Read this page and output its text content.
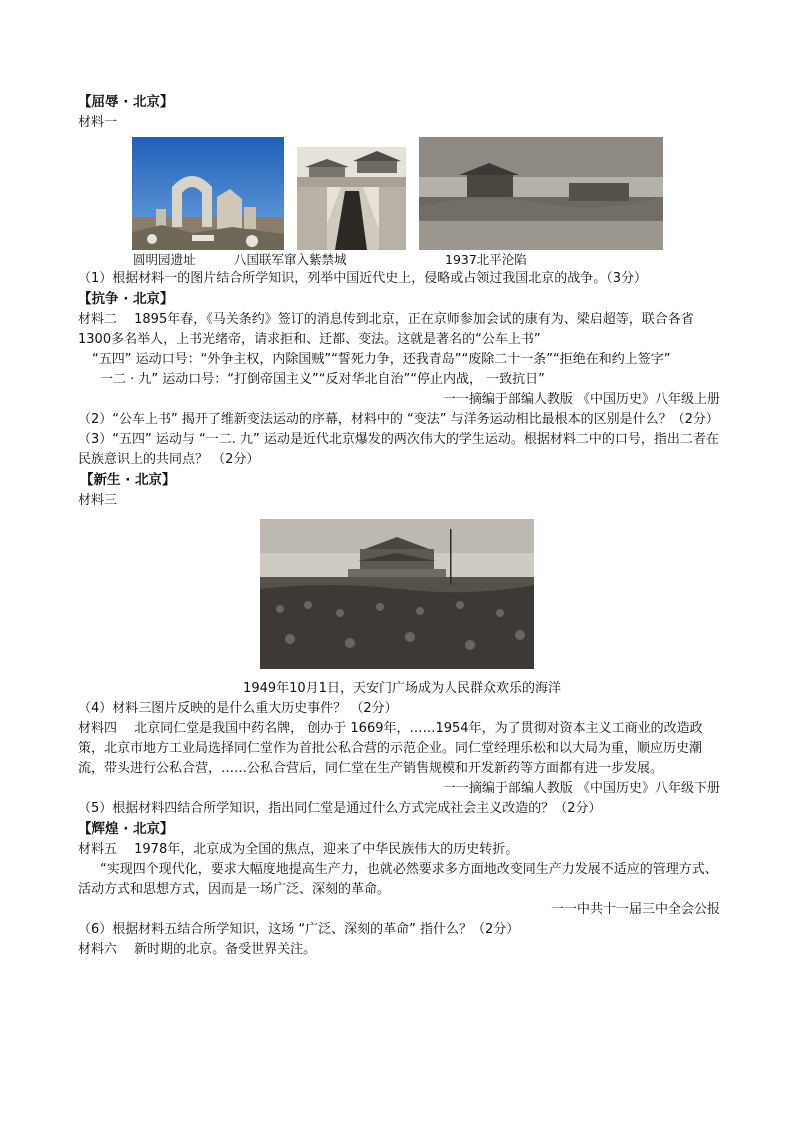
【屈辱 · 北京】
材料一
圆明园遗址	八国联军窜入紫禁城	1937北平沦陷
（1）根据材料一的图片结合所学知识，列举中国近代史上，侵略或占领过我国北京的战争。（3分）
【抗争 · 北京】
材料二　 1895年春，《马关条约》签订的消息传到北京，正在京师参加会试的康有为、梁启超等，联合各省 1300多名举人，上书光绪帝，请求拒和、迁都、变法。这就是著名的“公车上书”
“五四” 运动口号：“外争主权，内除国贼”“誓死力争，还我青岛”“废除二十一条”“拒绝在和约上签字”
一二 · 九” 运动口号：“打倒帝国主义”“反对华北自治”“停止内战， 一致抗日”
一一摘编于部编人教版 《中国历史》八年级上册
（2）“公车上书” 揭开了维新变法运动的序幕，材料中的 “变法” 与洋务运动相比最根本的区别是什么？（2分）
（3）“五四” 运动与 “一二. 九” 运动是近代北京爆发的两次伟大的学生运动。根据材料二中的口号，指出二者在民族意识上的共同点？ （2分）
【新生 · 北京】
材料三
1949年10月1日，天安门广场成为人民群众欢乐的海洋
（4）材料三图片反映的是什么重大历史事件？ （2分）
材料四　 北京同仁堂是我国中药名牌， 创办于 1669年，……1954年，为了贯彻对资本主义工商业的改造政策，北京市地方工业局选择同仁堂作为首批公私合营的示范企业。同仁堂经理乐松和以大局为重，顺应历史潮流，带头进行公私合营，……公私合营后，同仁堂在生产销售规模和开发新药等方面都有进一步发展。
一一摘编于部编人教版 《中国历史》八年级下册
（5）根据材料四结合所学知识，指出同仁堂是通过什么方式完成社会主义改造的？（2分）
【辉煌 · 北京】
材料五　 1978年，北京成为全国的焦点，迎来了中华民族伟大的历史转折。
“实现四个现代化，要求大幅度地提高生产力，也就必然要求多方面地改变同生产力发展不适应的管理方式、活动方式和思想方式，因而是一场广泛、深刻的革命。
一一中共十一届三中全会公报
（6）根据材料五结合所学知识，这场 “广泛、深刻的革命” 指什么？（2分）
材料六　 新时期的北京。备受世界关注。
